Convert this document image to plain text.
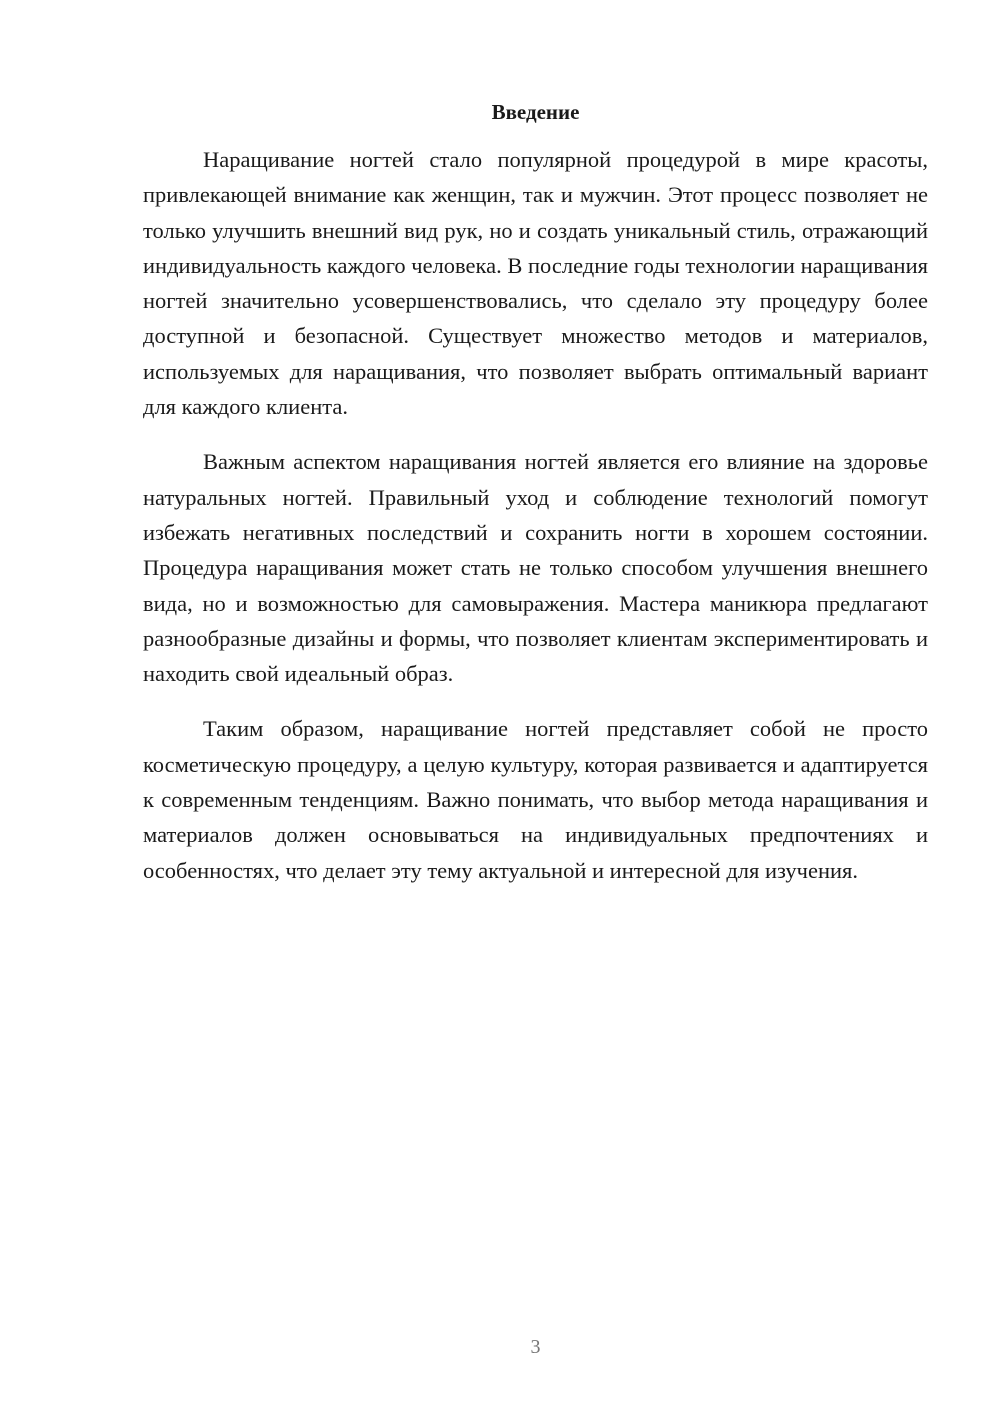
Введение

Наращивание ногтей стало популярной процедурой в мире красоты, привлекающей внимание как женщин, так и мужчин. Этот процесс позволяет не только улучшить внешний вид рук, но и создать уникальный стиль, отражающий индивидуальность каждого человека. В последние годы технологии наращивания ногтей значительно усовершенствовались, что сделало эту процедуру более доступной и безопасной. Существует множество методов и материалов, используемых для наращивания, что позволяет выбрать оптимальный вариант для каждого клиента.

Важным аспектом наращивания ногтей является его влияние на здоровье натуральных ногтей. Правильный уход и соблюдение технологий помогут избежать негативных последствий и сохранить ногти в хорошем состоянии. Процедура наращивания может стать не только способом улучшения внешнего вида, но и возможностью для самовыражения. Мастера маникюра предлагают разнообразные дизайны и формы, что позволяет клиентам экспериментировать и находить свой идеальный образ.

Таким образом, наращивание ногтей представляет собой не просто косметическую процедуру, а целую культуру, которая развивается и адаптируется к современным тенденциям. Важно понимать, что выбор метода наращивания и материалов должен основываться на индивидуальных предпочтениях и особенностях, что делает эту тему актуальной и интересной для изучения.

3
